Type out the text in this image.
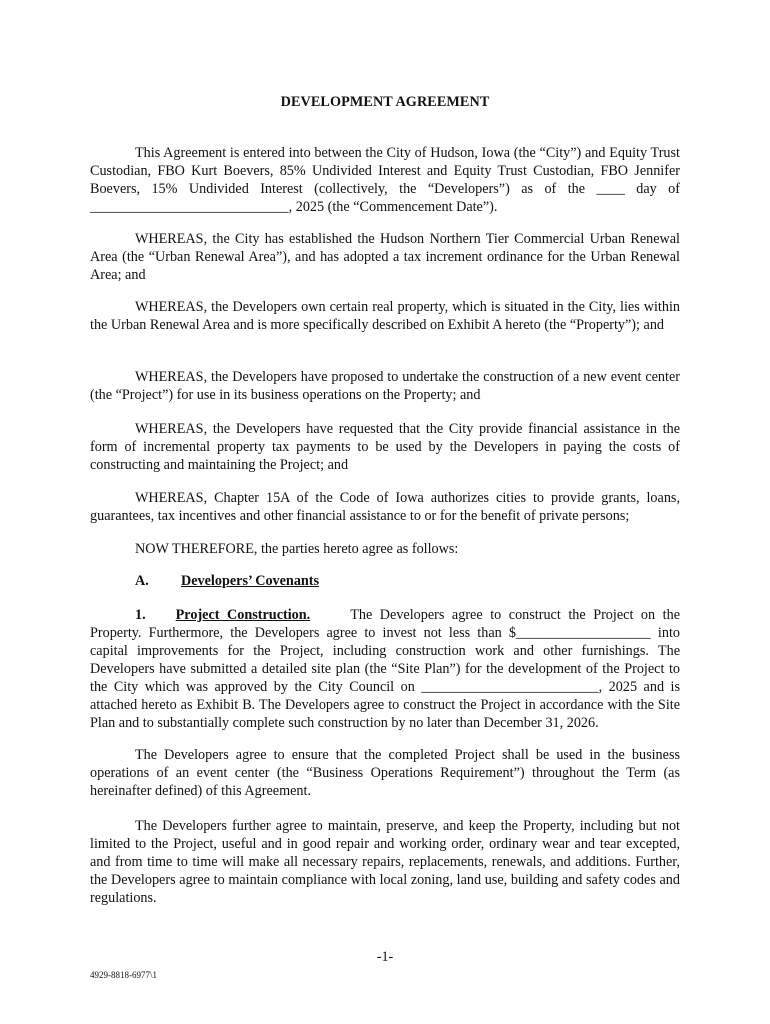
DEVELOPMENT AGREEMENT

This Agreement is entered into between the City of Hudson, Iowa (the “City”) and Equity Trust Custodian, FBO Kurt Boevers, 85% Undivided Interest and Equity Trust Custodian, FBO Jennifer Boevers, 15% Undivided Interest (collectively, the “Developers”) as of the ____ day of ____________________________, 2025 (the “Commencement Date”).

WHEREAS, the City has established the Hudson Northern Tier Commercial Urban Renewal Area (the “Urban Renewal Area”), and has adopted a tax increment ordinance for the Urban Renewal Area; and

WHEREAS, the Developers own certain real property, which is situated in the City, lies within the Urban Renewal Area and is more specifically described on Exhibit A hereto (the “Property”); and

WHEREAS, the Developers have proposed to undertake the construction of a new event center (the “Project”) for use in its business operations on the Property; and

WHEREAS, the Developers have requested that the City provide financial assistance in the form of incremental property tax payments to be used by the Developers in paying the costs of constructing and maintaining the Project; and

WHEREAS, Chapter 15A of the Code of Iowa authorizes cities to provide grants, loans, guarantees, tax incentives and other financial assistance to or for the benefit of private persons;

NOW THEREFORE, the parties hereto agree as follows:

A. Developers’ Covenants

1. Project Construction.	The Developers agree to construct the Project on the Property. Furthermore, the Developers agree to invest not less than $___________________ into capital improvements for the Project, including construction work and other furnishings. The Developers have submitted a detailed site plan (the “Site Plan”) for the development of the Project to the City which was approved by the City Council on _________________________, 2025 and is attached hereto as Exhibit B. The Developers agree to construct the Project in accordance with the Site Plan and to substantially complete such construction by no later than December 31, 2026.

The Developers agree to ensure that the completed Project shall be used in the business operations of an event center (the “Business Operations Requirement”) throughout the Term (as hereinafter defined) of this Agreement.

The Developers further agree to maintain, preserve, and keep the Property, including but not limited to the Project, useful and in good repair and working order, ordinary wear and tear excepted, and from time to time will make all necessary repairs, replacements, renewals, and additions. Further, the Developers agree to maintain compliance with local zoning, land use, building and safety codes and regulations.

-1-
4929-8818-6977\1
